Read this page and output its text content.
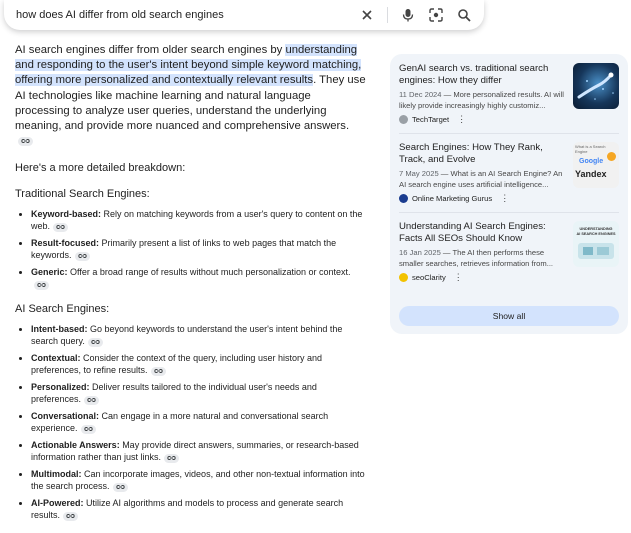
how does AI differ from old search engines

AI search engines differ from older search engines by understanding and responding to the user's intent beyond simple keyword matching, offering more personalized and contextually relevant results. They use AI technologies like machine learning and natural language processing to analyze user queries, understand the underlying meaning, and provide more nuanced and comprehensive answers.

Here's a more detailed breakdown:

Traditional Search Engines:

• Keyword-based: Rely on matching keywords from a user's query to content on the web.
• Result-focused: Primarily present a list of links to web pages that match the keywords.
• Generic: Offer a broad range of results without much personalization or context.

AI Search Engines:

• Intent-based: Go beyond keywords to understand the user's intent behind the search query.
• Contextual: Consider the context of the query, including user history and preferences, to refine results.
• Personalized: Deliver results tailored to the individual user's needs and preferences.
• Conversational: Can engage in a more natural and conversational search experience.
• Actionable Answers: May provide direct answers, summaries, or research-based information rather than just links.
• Multimodal: Can incorporate images, videos, and other non-textual information into the search process.
• AI-Powered: Utilize AI algorithms and models to process and generate search results.

GenAI search vs. traditional search engines: How they differ

11 Dec 2024 — More personalized results. AI will likely provide increasingly highly customiz...

TechTarget ⋮

Search Engines: How They Rank, Track, and Evolve

7 May 2025 — What is an AI Search Engine? An AI search engine uses artificial intelligence...

Online Marketing Gurus ⋮
What is a Search Engine
Google
Yandex

Understanding AI Search Engines: Facts All SEOs Should Know

16 Jan 2025 — The AI then performs these smaller searches, retrieves information from...

seoClarity ⋮
UNDERSTANDING
AI SEARCH ENGINES
Show all
